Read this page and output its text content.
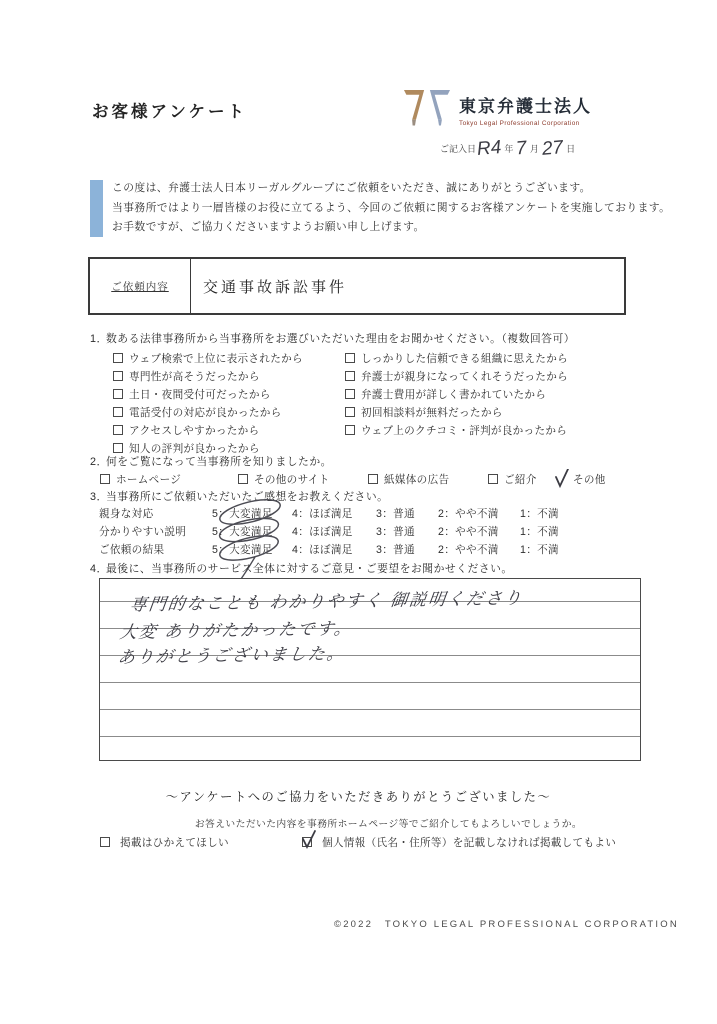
お客様アンケート	東京弁護士法人
Tokyo Legal Professional Corporation
ご記入日 R4 年 7 月 27 日
この度は、弁護士法人日本リーガルグループにご依頼をいただき、誠にありがとうございます。
当事務所ではより一層皆様のお役に立てるよう、今回のご依頼に関するお客様アンケートを実施しております。
お手数ですが、ご協力くださいますようお願い申し上げます。
ご依頼内容	交通事故訴訟事件
1．数ある法律事務所から当事務所をお選びいただいた理由をお聞かせください。（複数回答可）
ウェブ検索で上位に表示されたから
専門性が高そうだったから
土日・夜間受付可だったから
電話受付の対応が良かったから
アクセスしやすかったから
知人の評判が良かったから
しっかりした信頼できる組織に思えたから
弁護士が親身になってくれそうだったから
弁護士費用が詳しく書かれていたから
初回相談料が無料だったから
ウェブ上のクチコミ・評判が良かったから
2．何をご覧になって当事務所を知りましたか。
ホームページ	その他のサイト	紙媒体の広告	ご紹介	その他
3．当事務所にご依頼いただいたご感想をお教えください。
親身な対応	5：大変満足	4：ほぼ満足	3：普通	2：やや不満	1：不満
分かりやすい説明	5：大変満足	4：ほぼ満足	3：普通	2：やや不満	1：不満
ご依頼の結果	5：大変満足	4：ほぼ満足	3：普通	2：やや不満	1：不満
4．最後に、当事務所のサービス全体に対するご意見・ご要望をお聞かせください。
専門的なことも わかりやすく 御説明くださり
大変 ありがたかったです。
ありがとうございました。
～アンケートへのご協力をいただきありがとうございました～
お答えいただいた内容を事務所ホームページ等でご紹介してもよろしいでしょうか。
掲載はひかえてほしい	個人情報（氏名・住所等）を記載しなければ掲載してもよい
©2022　TOKYO LEGAL PROFESSIONAL CORPORATION
